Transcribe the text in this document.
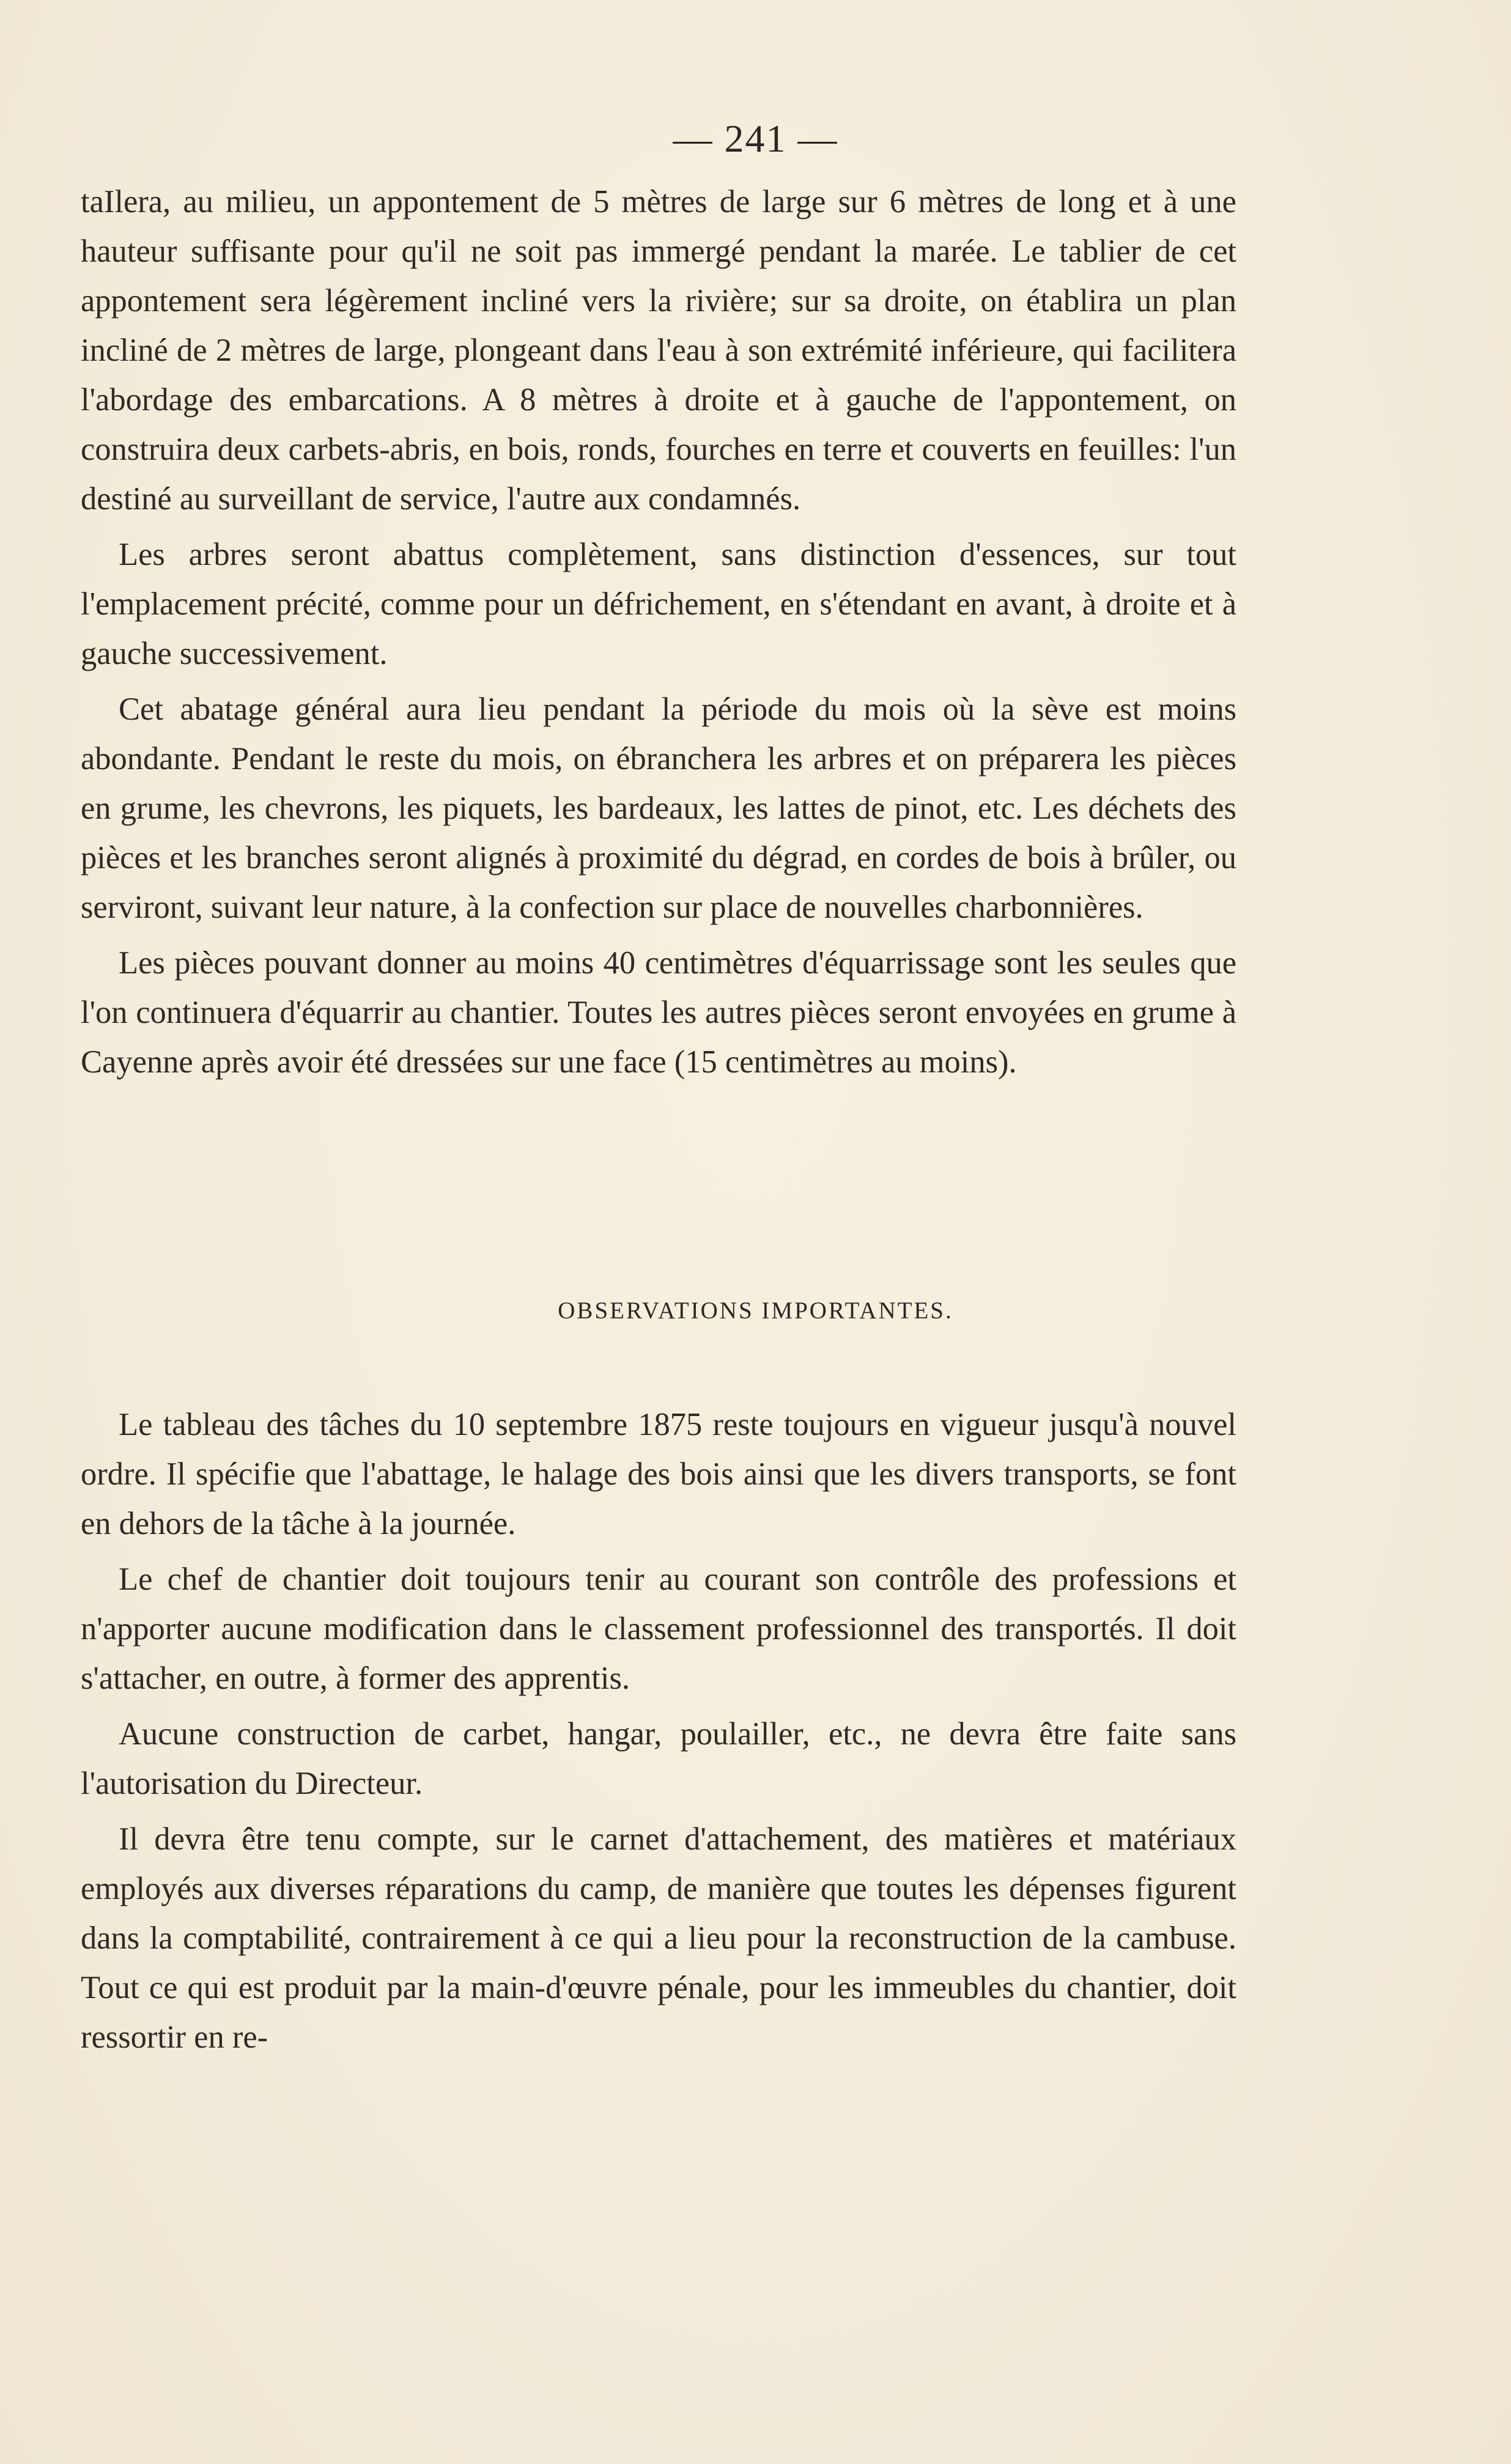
— 241 —

taIlera, au milieu, un appontement de 5 mètres de large sur 6 mètres de long et à une hauteur suffisante pour qu'il ne soit pas immergé pendant la marée. Le tablier de cet appontement sera légèrement incliné vers la rivière; sur sa droite, on établira un plan incliné de 2 mètres de large, plongeant dans l'eau à son extrémité inférieure, qui facilitera l'abordage des embarcations. A 8 mètres à droite et à gauche de l'appontement, on construira deux carbets-abris, en bois, ronds, fourches en terre et couverts en feuilles: l'un destiné au surveillant de service, l'autre aux condamnés.

Les arbres seront abattus complètement, sans distinction d'essences, sur tout l'emplacement précité, comme pour un défrichement, en s'étendant en avant, à droite et à gauche successivement.

Cet abatage général aura lieu pendant la période du mois où la sève est moins abondante. Pendant le reste du mois, on ébranchera les arbres et on préparera les pièces en grume, les chevrons, les piquets, les bardeaux, les lattes de pinot, etc. Les déchets des pièces et les branches seront alignés à proximité du dégrad, en cordes de bois à brûler, ou serviront, suivant leur nature, à la confection sur place de nouvelles charbonnières.

Les pièces pouvant donner au moins 40 centimètres d'équarrissage sont les seules que l'on continuera d'équarrir au chantier. Toutes les autres pièces seront envoyées en grume à Cayenne après avoir été dressées sur une face (15 centimètres au moins).

OBSERVATIONS IMPORTANTES.

Le tableau des tâches du 10 septembre 1875 reste toujours en vigueur jusqu'à nouvel ordre. Il spécifie que l'abattage, le halage des bois ainsi que les divers transports, se font en dehors de la tâche à la journée.

Le chef de chantier doit toujours tenir au courant son contrôle des professions et n'apporter aucune modification dans le classement professionnel des transportés. Il doit s'attacher, en outre, à former des apprentis.

Aucune construction de carbet, hangar, poulailler, etc., ne devra être faite sans l'autorisation du Directeur.

Il devra être tenu compte, sur le carnet d'attachement, des matières et matériaux employés aux diverses réparations du camp, de manière que toutes les dépenses figurent dans la comptabilité, contrairement à ce qui a lieu pour la reconstruction de la cambuse. Tout ce qui est produit par la main-d'œuvre pénale, pour les immeubles du chantier, doit ressortir en re-
